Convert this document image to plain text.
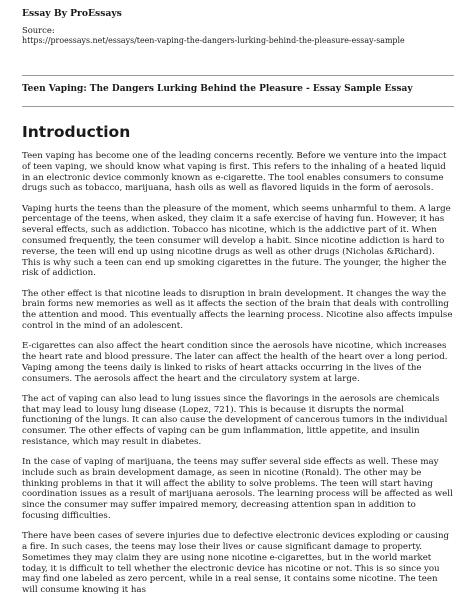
Essay By ProEssays

Source:

https://proessays.net/essays/teen-vaping-the-dangers-lurking-behind-the-pleasure-essay-sample

Teen Vaping: The Dangers Lurking Behind the Pleasure - Essay Sample Essay

Introduction

Teen vaping has become one of the leading concerns recently. Before we venture into the impact of teen vaping, we should know what vaping is first. This refers to the inhaling of a heated liquid in an electronic device commonly known as e-cigarette. The tool enables consumers to consume drugs such as tobacco, marijuana, hash oils as well as flavored liquids in the form of aerosols.

Vaping hurts the teens than the pleasure of the moment, which seems unharmful to them. A large percentage of the teens, when asked, they claim it a safe exercise of having fun. However, it has several effects, such as addiction. Tobacco has nicotine, which is the addictive part of it. When consumed frequently, the teen consumer will develop a habit. Since nicotine addiction is hard to reverse, the teen will end up using nicotine drugs as well as other drugs (Nicholas &Richard). This is why such a teen can end up smoking cigarettes in the future. The younger, the higher the risk of addiction.

The other effect is that nicotine leads to disruption in brain development. It changes the way the brain forms new memories as well as it affects the section of the brain that deals with controlling the attention and mood. This eventually affects the learning process. Nicotine also affects impulse control in the mind of an adolescent.

E-cigarettes can also affect the heart condition since the aerosols have nicotine, which increases the heart rate and blood pressure. The later can affect the health of the heart over a long period. Vaping among the teens daily is linked to risks of heart attacks occurring in the lives of the consumers. The aerosols affect the heart and the circulatory system at large.

The act of vaping can also lead to lung issues since the flavorings in the aerosols are chemicals that may lead to lousy lung disease (Lopez, 721). This is because it disrupts the normal functioning of the lungs. It can also cause the development of cancerous tumors in the individual consumer. The other effects of vaping can be gum inflammation, little appetite, and insulin resistance, which may result in diabetes.

In the case of vaping of marijuana, the teens may suffer several side effects as well. These may include such as brain development damage, as seen in nicotine (Ronald). The other may be thinking problems in that it will affect the ability to solve problems. The teen will start having coordination issues as a result of marijuana aerosols. The learning process will be affected as well since the consumer may suffer impaired memory, decreasing attention span in addition to focusing difficulties.

There have been cases of severe injuries due to defective electronic devices exploding or causing a fire. In such cases, the teens may lose their lives or cause significant damage to property. Sometimes they may claim they are using none nicotine e-cigarettes, but in the world market today, it is difficult to tell whether the electronic device has nicotine or not. This is so since you may find one labeled as zero percent, while in a real sense, it contains some nicotine. The teen will consume knowing it has
